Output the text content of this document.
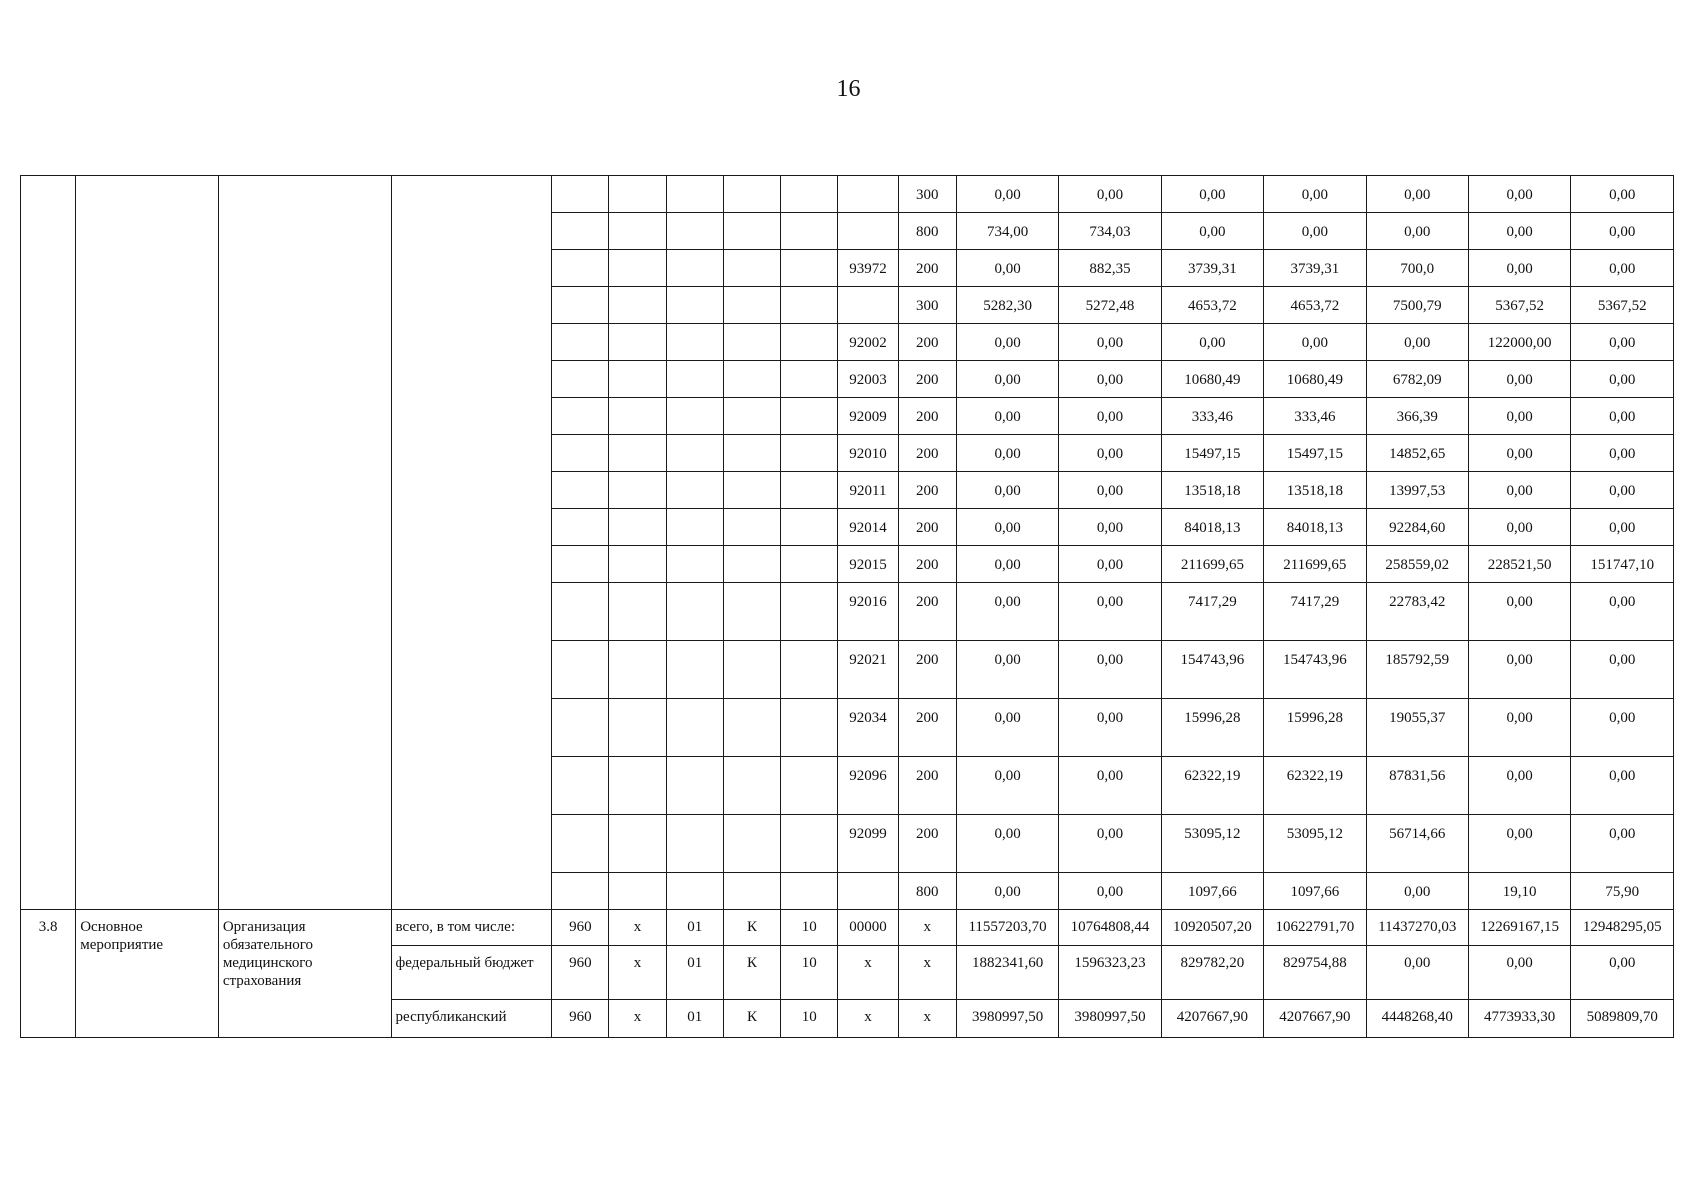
16
										300	0,00	0,00	0,00	0,00	0,00	0,00	0,00
										800	734,00	734,03	0,00	0,00	0,00	0,00	0,00
									93972	200	0,00	882,35	3739,31	3739,31	700,0	0,00	0,00
										300	5282,30	5272,48	4653,72	4653,72	7500,79	5367,52	5367,52
									92002	200	0,00	0,00	0,00	0,00	0,00	122000,00	0,00
									92003	200	0,00	0,00	10680,49	10680,49	6782,09	0,00	0,00
									92009	200	0,00	0,00	333,46	333,46	366,39	0,00	0,00
									92010	200	0,00	0,00	15497,15	15497,15	14852,65	0,00	0,00
									92011	200	0,00	0,00	13518,18	13518,18	13997,53	0,00	0,00
									92014	200	0,00	0,00	84018,13	84018,13	92284,60	0,00	0,00
									92015	200	0,00	0,00	211699,65	211699,65	258559,02	228521,50	151747,10
									92016	200	0,00	0,00	7417,29	7417,29	22783,42	0,00	0,00
									92021	200	0,00	0,00	154743,96	154743,96	185792,59	0,00	0,00
									92034	200	0,00	0,00	15996,28	15996,28	19055,37	0,00	0,00
									92096	200	0,00	0,00	62322,19	62322,19	87831,56	0,00	0,00
									92099	200	0,00	0,00	53095,12	53095,12	56714,66	0,00	0,00
										800	0,00	0,00	1097,66	1097,66	0,00	19,10	75,90
3.8	Основное мероприятие	Организация обязательного медицинского страхования	всего, в том числе:	960	х	01	К	10	00000	х	11557203,70	10764808,44	10920507,20	10622791,70	11437270,03	12269167,15	12948295,05
			федеральный бюджет	960	х	01	К	10	х	х	1882341,60	1596323,23	829782,20	829754,88	0,00	0,00	0,00
			республиканский	960	х	01	К	10	х	х	3980997,50	3980997,50	4207667,90	4207667,90	4448268,40	4773933,30	5089809,70
